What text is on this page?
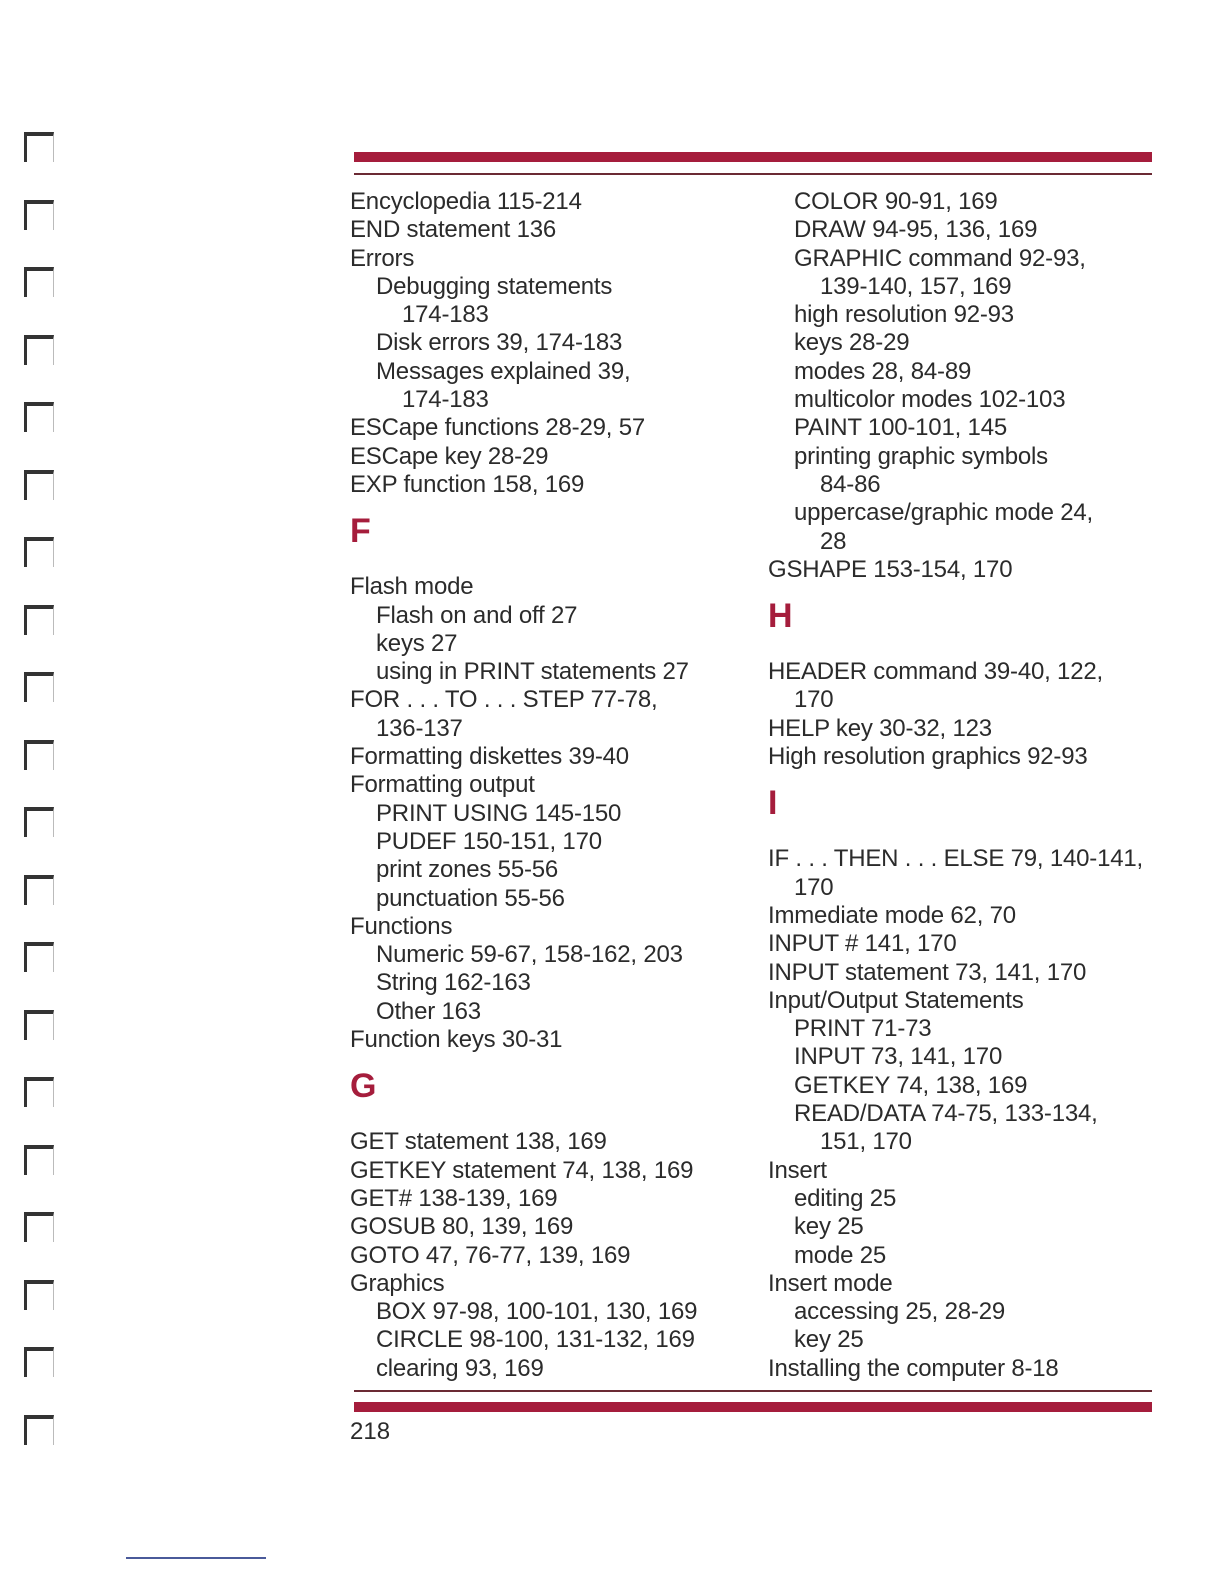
Encyclopedia 115-214
END statement 136
Errors
Debugging statements
174-183
Disk errors 39, 174-183
Messages explained 39,
174-183
ESCape functions 28-29, 57
ESCape key 28-29
EXP function 158, 169
F
Flash mode
Flash on and off 27
keys 27
using in PRINT statements 27
FOR . . . TO . . . STEP 77-78,
136-137
Formatting diskettes 39-40
Formatting output
PRINT USING 145-150
PUDEF 150-151, 170
print zones 55-56
punctuation 55-56
Functions
Numeric 59-67, 158-162, 203
String 162-163
Other 163
Function keys 30-31
G
GET statement 138, 169
GETKEY statement 74, 138, 169
GET# 138-139, 169
GOSUB 80, 139, 169
GOTO 47, 76-77, 139, 169
Graphics
BOX 97-98, 100-101, 130, 169
CIRCLE 98-100, 131-132, 169
clearing 93, 169
COLOR 90-91, 169
DRAW 94-95, 136, 169
GRAPHIC command 92-93,
139-140, 157, 169
high resolution 92-93
keys 28-29
modes 28, 84-89
multicolor modes 102-103
PAINT 100-101, 145
printing graphic symbols
84-86
uppercase/graphic mode 24,
28
GSHAPE 153-154, 170
H
HEADER command 39-40, 122,
170
HELP key 30-32, 123
High resolution graphics 92-93
I
IF . . . THEN . . . ELSE 79, 140-141,
170
Immediate mode 62, 70
INPUT # 141, 170
INPUT statement 73, 141, 170
Input/Output Statements
PRINT 71-73
INPUT 73, 141, 170
GETKEY 74, 138, 169
READ/DATA 74-75, 133-134,
151, 170
Insert
editing 25
key 25
mode 25
Insert mode
accessing 25, 28-29
key 25
Installing the computer 8-18
218
